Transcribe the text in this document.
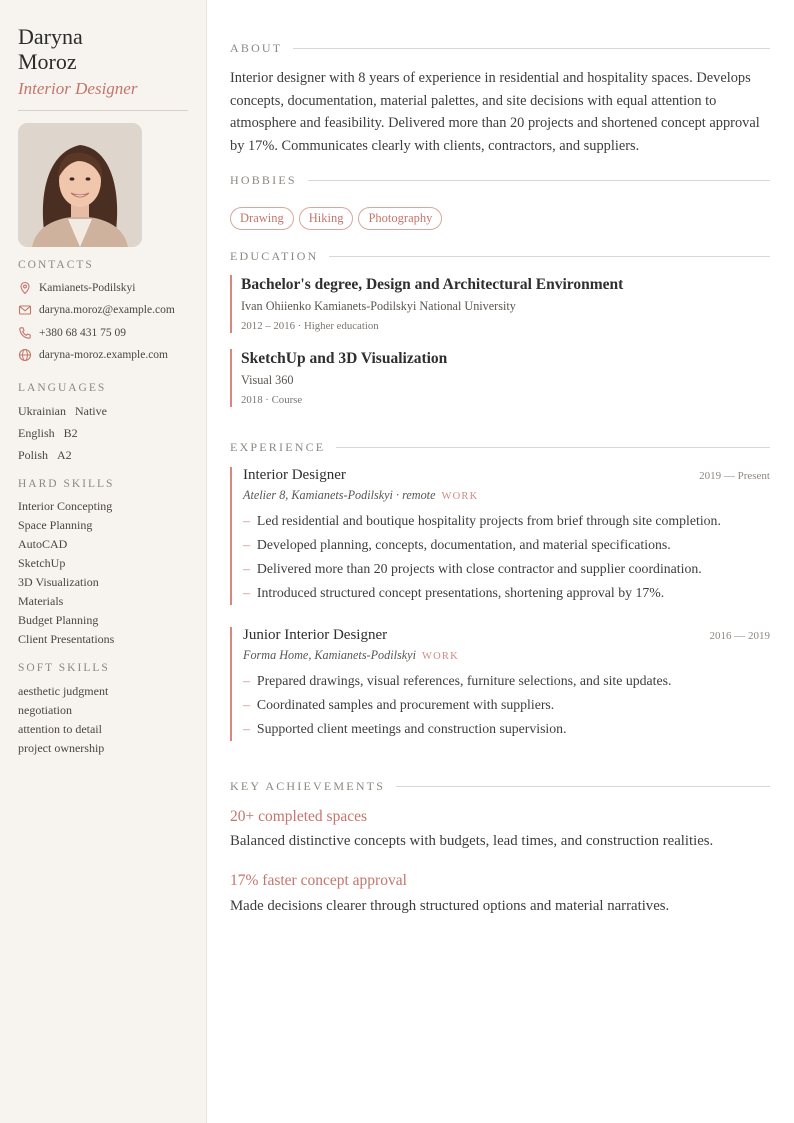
Daryna
Moroz
Interior Designer
CONTACTS
Kamianets-Podilskyi
daryna.moroz@example.com
+380 68 431 75 09
daryna-moroz.example.com
LANGUAGES
Ukrainian Native
English B2
Polish A2
HARD SKILLS
Interior Concepting
Space Planning
AutoCAD
SketchUp
3D Visualization
Materials
Budget Planning
Client Presentations
SOFT SKILLS
aesthetic judgment
negotiation
attention to detail
project ownership
ABOUT
Interior designer with 8 years of experience in residential and hospitality spaces. Develops concepts, documentation, material palettes, and site decisions with equal attention to atmosphere and feasibility. Delivered more than 20 projects and shortened concept approval by 17%. Communicates clearly with clients, contractors, and suppliers.
HOBBIES
Drawing	Hiking	Photography
EDUCATION
Bachelor's degree, Design and Architectural Environment
Ivan Ohiienko Kamianets-Podilskyi National University
2012 – 2016 · Higher education
SketchUp and 3D Visualization
Visual 360
2018 · Course
EXPERIENCE
Interior Designer	2019 — Present
Atelier 8, Kamianets-Podilskyi · remote WORK
– Led residential and boutique hospitality projects from brief through site completion.
– Developed planning, concepts, documentation, and material specifications.
– Delivered more than 20 projects with close contractor and supplier coordination.
– Introduced structured concept presentations, shortening approval by 17%.
Junior Interior Designer	2016 — 2019
Forma Home, Kamianets-Podilskyi WORK
– Prepared drawings, visual references, furniture selections, and site updates.
– Coordinated samples and procurement with suppliers.
– Supported client meetings and construction supervision.
KEY ACHIEVEMENTS
20+ completed spaces
Balanced distinctive concepts with budgets, lead times, and construction realities.
17% faster concept approval
Made decisions clearer through structured options and material narratives.
